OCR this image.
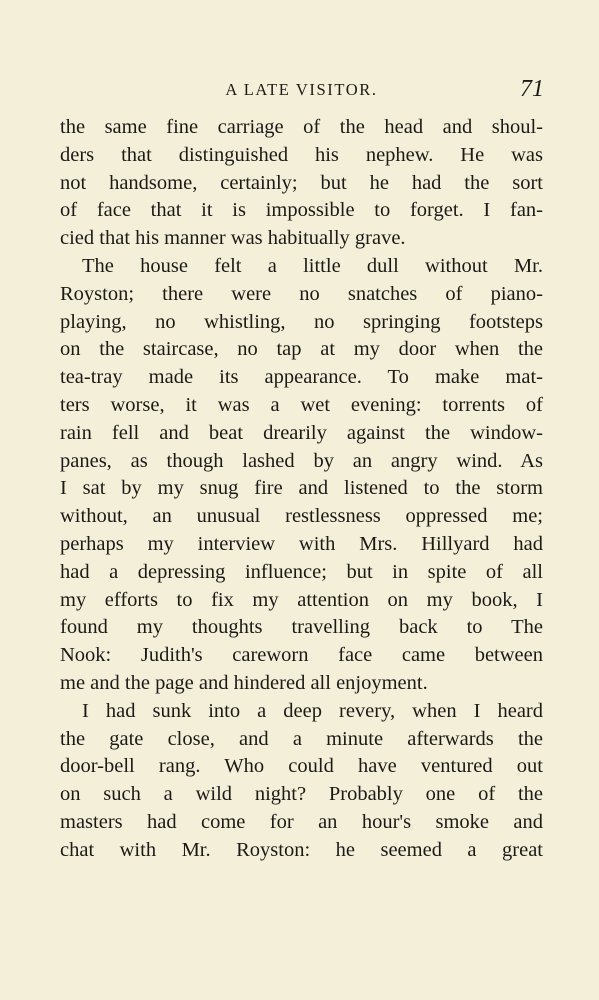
A LATE VISITOR.	71
the same fine carriage of the head and shoul-
ders that distinguished his nephew. He was
not handsome, certainly; but he had the sort
of face that it is impossible to forget. I fan-
cied that his manner was habitually grave.
The house felt a little dull without Mr.
Royston; there were no snatches of piano-
playing, no whistling, no springing footsteps
on the staircase, no tap at my door when the
tea-tray made its appearance. To make mat-
ters worse, it was a wet evening: torrents of
rain fell and beat drearily against the window-
panes, as though lashed by an angry wind. As
I sat by my snug fire and listened to the storm
without, an unusual restlessness oppressed me;
perhaps my interview with Mrs. Hillyard had
had a depressing influence; but in spite of all
my efforts to fix my attention on my book, I
found my thoughts travelling back to The
Nook: Judith's careworn face came between
me and the page and hindered all enjoyment.
I had sunk into a deep revery, when I heard
the gate close, and a minute afterwards the
door-bell rang. Who could have ventured out
on such a wild night? Probably one of the
masters had come for an hour's smoke and
chat with Mr. Royston: he seemed a great
